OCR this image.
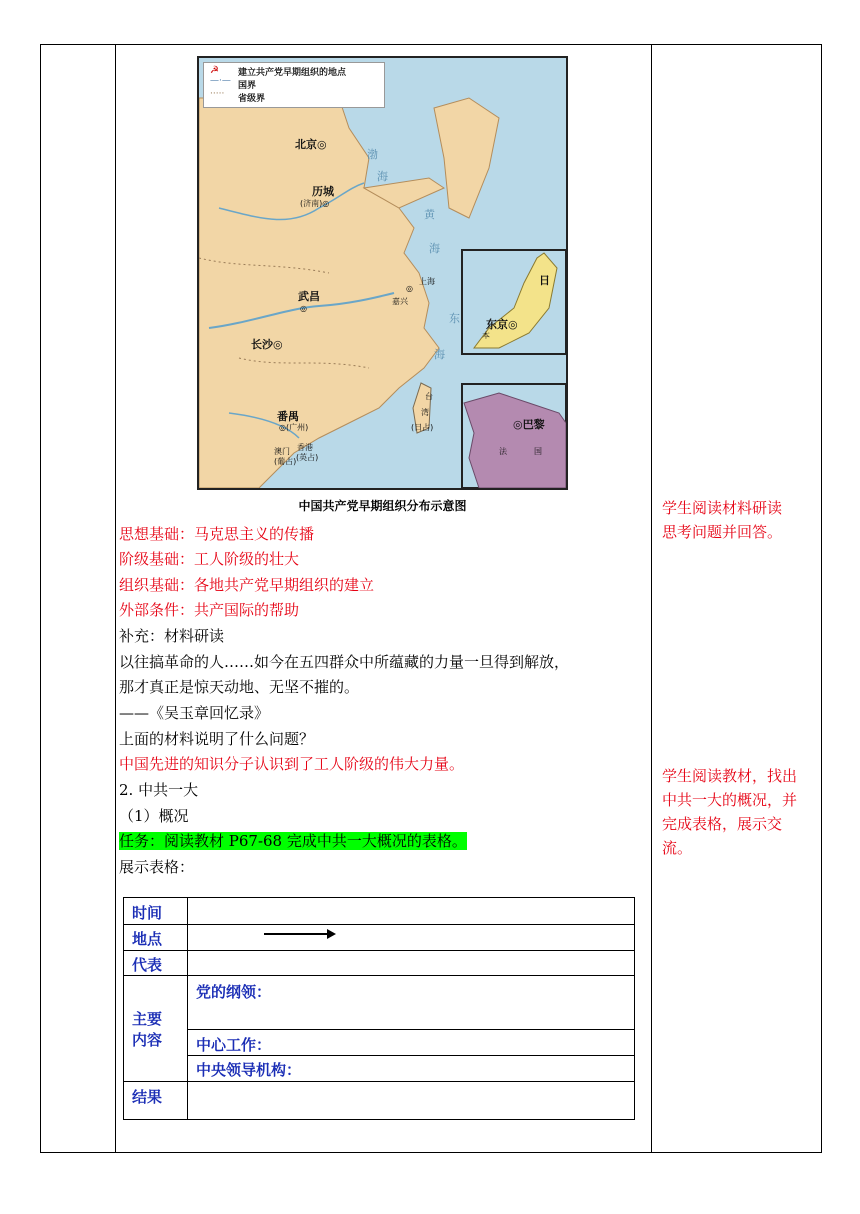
☭ 建立共产党早期组织的地点
—·— 国界
····· 省级界
渤
海
黄
海
东
海
北京◎
历城
(济南)◎
武昌
◎
◎
上海
嘉兴
长沙◎
番禺
◎(广州)
澳门
(葡占)
香港
(英占)
台
湾
(日占)
日
东京◎
本
◎巴黎
法	国
中国共产党早期组织分布示意图
思想基础：马克思主义的传播
阶级基础：工人阶级的壮大
组织基础：各地共产党早期组织的建立
外部条件：共产国际的帮助
补充：材料研读
以往搞革命的人……如今在五四群众中所蕴藏的力量一旦得到解放，
那才真正是惊天动地、无坚不摧的。
——《吴玉章回忆录》
上面的材料说明了什么问题？
中国先进的知识分子认识到了工人阶级的伟大力量。
2. 中共一大
（1）概况
任务：阅读教材 P67-68 完成中共一大概况的表格。
展示表格：
学生阅读材料研读
思考问题并回答。
学生阅读教材，找出
中共一大的概况，并
完成表格，展示交
流。
时间
地点
代表
主要
内容
党的纲领：
中心工作：
中央领导机构：
结果
